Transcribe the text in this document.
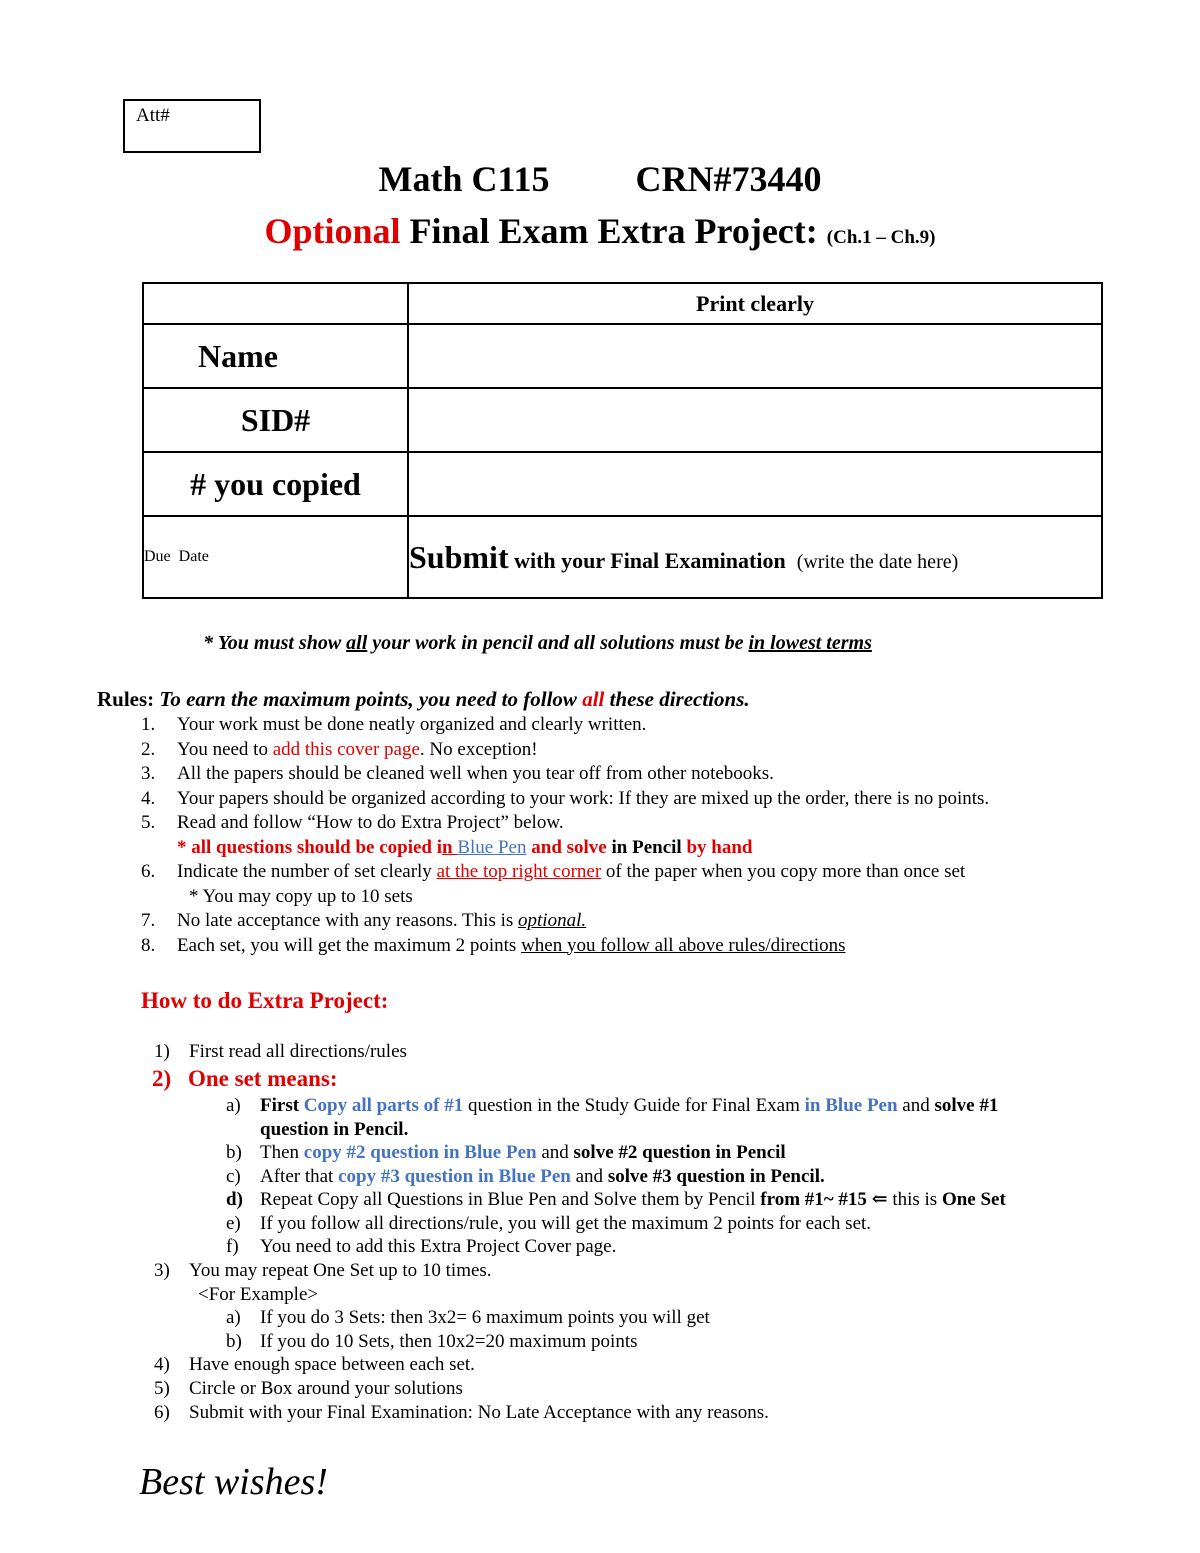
Att#
Math C115 CRN#73440
Optional Final Exam Extra Project: (Ch.1 – Ch.9)
	Print clearly
Name	
SID#	
# you copied	
Due  Date	Submit with your Final Examination (write the date here)
* You must show all your work in pencil and all solutions must be in lowest terms
Rules: To earn the maximum points, you need to follow all these directions.
1. Your work must be done neatly organized and clearly written.
2. You need to add this cover page. No exception!
3. All the papers should be cleaned well when you tear off from other notebooks.
4. Your papers should be organized according to your work: If they are mixed up the order, there is no points.
5. Read and follow “How to do Extra Project” below.
* all questions should be copied in Blue Pen and solve in Pencil by hand
6. Indicate the number of set clearly at the top right corner of the paper when you copy more than once set
* You may copy up to 10 sets
7. No late acceptance with any reasons. This is optional.
8. Each set, you will get the maximum 2 points when you follow all above rules/directions
How to do Extra Project:
1) First read all directions/rules
2) One set means:
a) First Copy all parts of #1 question in the Study Guide for Final Exam in Blue Pen and solve #1
question in Pencil.
b) Then copy #2 question in Blue Pen and solve #2 question in Pencil
c) After that copy #3 question in Blue Pen and solve #3 question in Pencil.
d) Repeat Copy all Questions in Blue Pen and Solve them by Pencil from #1~ #15 ⇐ this is One Set
e) If you follow all directions/rule, you will get the maximum 2 points for each set.
f) You need to add this Extra Project Cover page.
3) You may repeat One Set up to 10 times.
<For Example>
a) If you do 3 Sets: then 3x2= 6 maximum points you will get
b) If you do 10 Sets, then 10x2=20 maximum points
4) Have enough space between each set.
5) Circle or Box around your solutions
6) Submit with your Final Examination: No Late Acceptance with any reasons.
Best wishes!
